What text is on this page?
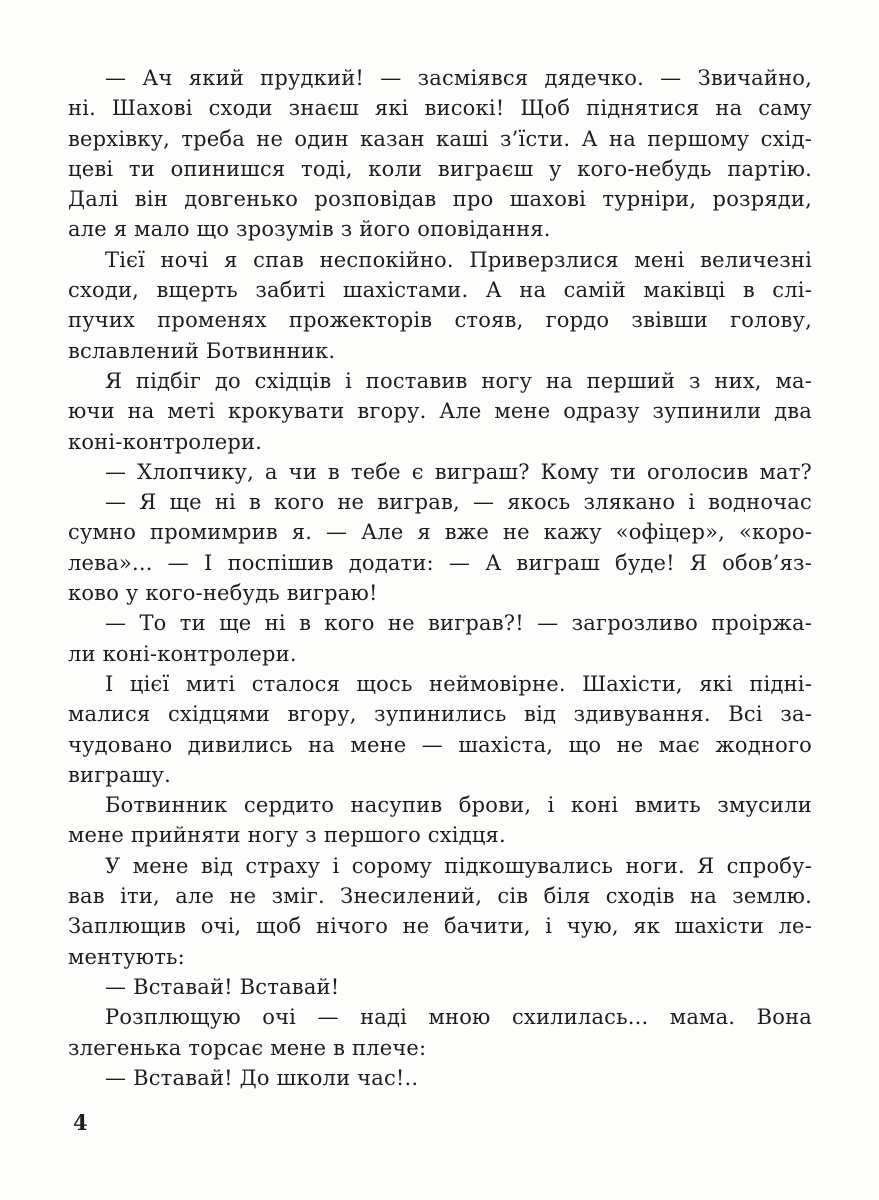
— Ач який прудкий! — засміявся дядечко. — Звичайно,
ні. Шахові сходи знаєш які високі! Щоб піднятися на саму
верхівку, треба не один казан каші з’їсти. А на першому схід-
цеві ти опинишся тоді, коли виграєш у кого-небудь партію.
Далі він довгенько розповідав про шахові турніри, розряди,
але я мало що зрозумів з його оповідання.
Тієї ночі я спав неспокійно. Приверзлися мені величезні
сходи, вщерть забиті шахістами. А на самій маківці в слі-
пучих променях прожекторів стояв, гордо звівши голову,
вславлений Ботвинник.
Я підбіг до східців і поставив ногу на перший з них, ма-
ючи на меті крокувати вгору. Але мене одразу зупинили два
коні-контролери.
— Хлопчику, а чи в тебе є виграш? Кому ти оголосив мат?
— Я ще ні в кого не виграв, — якось злякано і водночас
сумно промимрив я. — Але я вже не кажу «офіцер», «коро-
лева»... — І поспішив додати: — А виграш буде! Я обов’яз-
ково у кого-небудь виграю!
— То ти ще ні в кого не виграв?! — загрозливо проіржа-
ли коні-контролери.
І цієї миті сталося щось неймовірне. Шахісти, які підні-
малися східцями вгору, зупинились від здивування. Всі за-
чудовано дивились на мене — шахіста, що не має жодного
виграшу.
Ботвинник сердито насупив брови, і коні вмить змусили
мене прийняти ногу з першого східця.
У мене від страху і сорому підкошувались ноги. Я спробу-
вав іти, але не зміг. Знесилений, сів біля сходів на землю.
Заплющив очі, щоб нічого не бачити, і чую, як шахісти ле-
ментують:
— Вставай! Вставай!
Розплющую очі — наді мною схилилась... мама. Вона
злегенька торсає мене в плече:
— Вставай! До школи час!..
4
